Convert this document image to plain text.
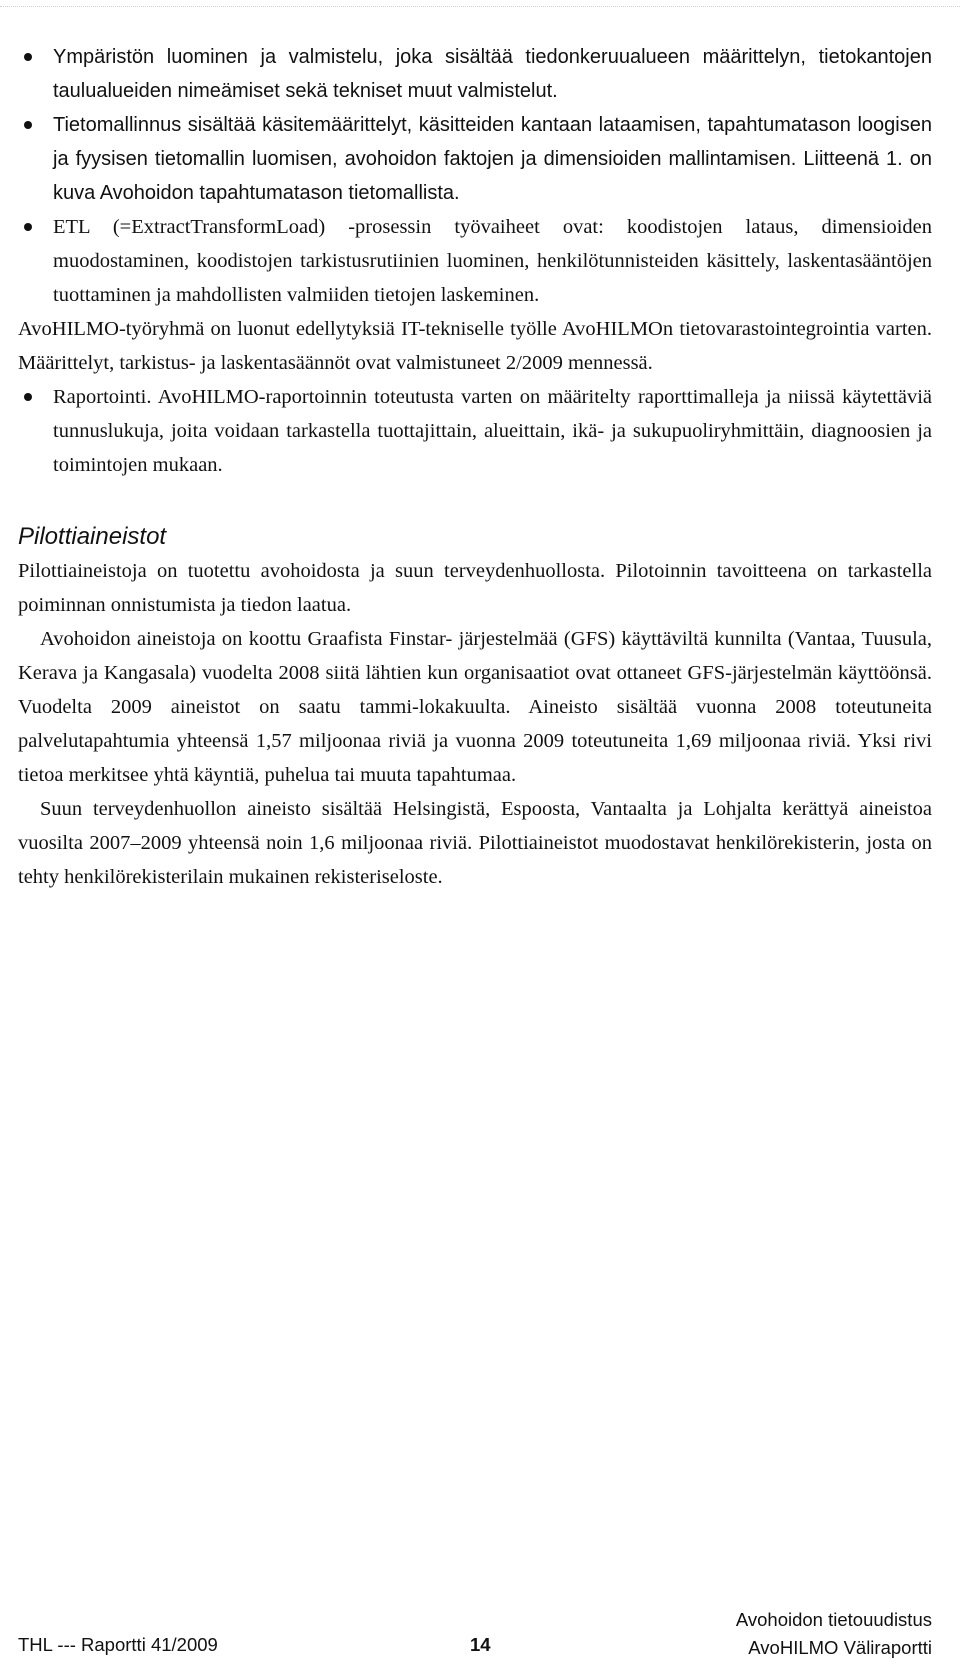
Ympäristön luominen ja valmistelu, joka sisältää tiedonkeruualueen määrittelyn, tietokantojen taulualueiden nimeämiset sekä tekniset muut valmistelut.
Tietomallinnus sisältää käsitemäärittelyt, käsitteiden kantaan lataamisen, tapahtumatason loogisen ja fyysisen tietomallin luomisen, avohoidon faktojen ja dimensioiden mallintamisen. Liitteenä 1. on kuva Avohoidon tapahtumatason tietomallista.
ETL (=ExtractTransformLoad) -prosessin työvaiheet ovat: koodistojen lataus, dimensioiden muodostaminen, koodistojen tarkistusrutiinien luominen, henkilötunnisteiden käsittely, laskentasääntöjen tuottaminen ja mahdollisten valmiiden tietojen laskeminen.

AvoHILMO-työryhmä on luonut edellytyksiä IT-tekniselle työlle AvoHILMOn tietovarastointegrointia varten. Määrittelyt, tarkistus- ja laskentasäännöt ovat valmistuneet 2/2009 mennessä.

Raportointi. AvoHILMO-raportoinnin toteutusta varten on määritelty raporttimalleja ja niissä käytettäviä tunnuslukuja, joita voidaan tarkastella tuottajittain, alueittain, ikä- ja sukupuoliryhmittäin, diagnoosien ja toimintojen mukaan.
Pilottiaineistot

Pilottiaineistoja on tuotettu avohoidosta ja suun terveydenhuollosta. Pilotoinnin tavoitteena on tarkastella poiminnan onnistumista ja tiedon laatua.

Avohoidon aineistoja on koottu Graafista Finstar- järjestelmää (GFS) käyttäviltä kunnilta (Vantaa, Tuusula, Kerava ja Kangasala) vuodelta 2008 siitä lähtien kun organisaatiot ovat ottaneet GFS-järjestelmän käyttöönsä. Vuodelta 2009 aineistot on saatu tammi-lokakuulta. Aineisto sisältää vuonna 2008 toteutuneita palvelutapahtumia yhteensä 1,57 miljoonaa riviä ja vuonna 2009 toteutuneita 1,69 miljoonaa riviä. Yksi rivi tietoa merkitsee yhtä käyntiä, puhelua tai muuta tapahtumaa.

Suun terveydenhuollon aineisto sisältää Helsingistä, Espoosta, Vantaalta ja Lohjalta kerättyä aineistoa vuosilta 2007–2009 yhteensä noin 1,6 miljoonaa riviä. Pilottiaineistot muodostavat henkilörekisterin, josta on tehty henkilörekisterilain mukainen rekisteriseloste.

THL --- Raportti 41/2009	14
Avohoidon tietouudistus
AvoHILMO Väliraportti
